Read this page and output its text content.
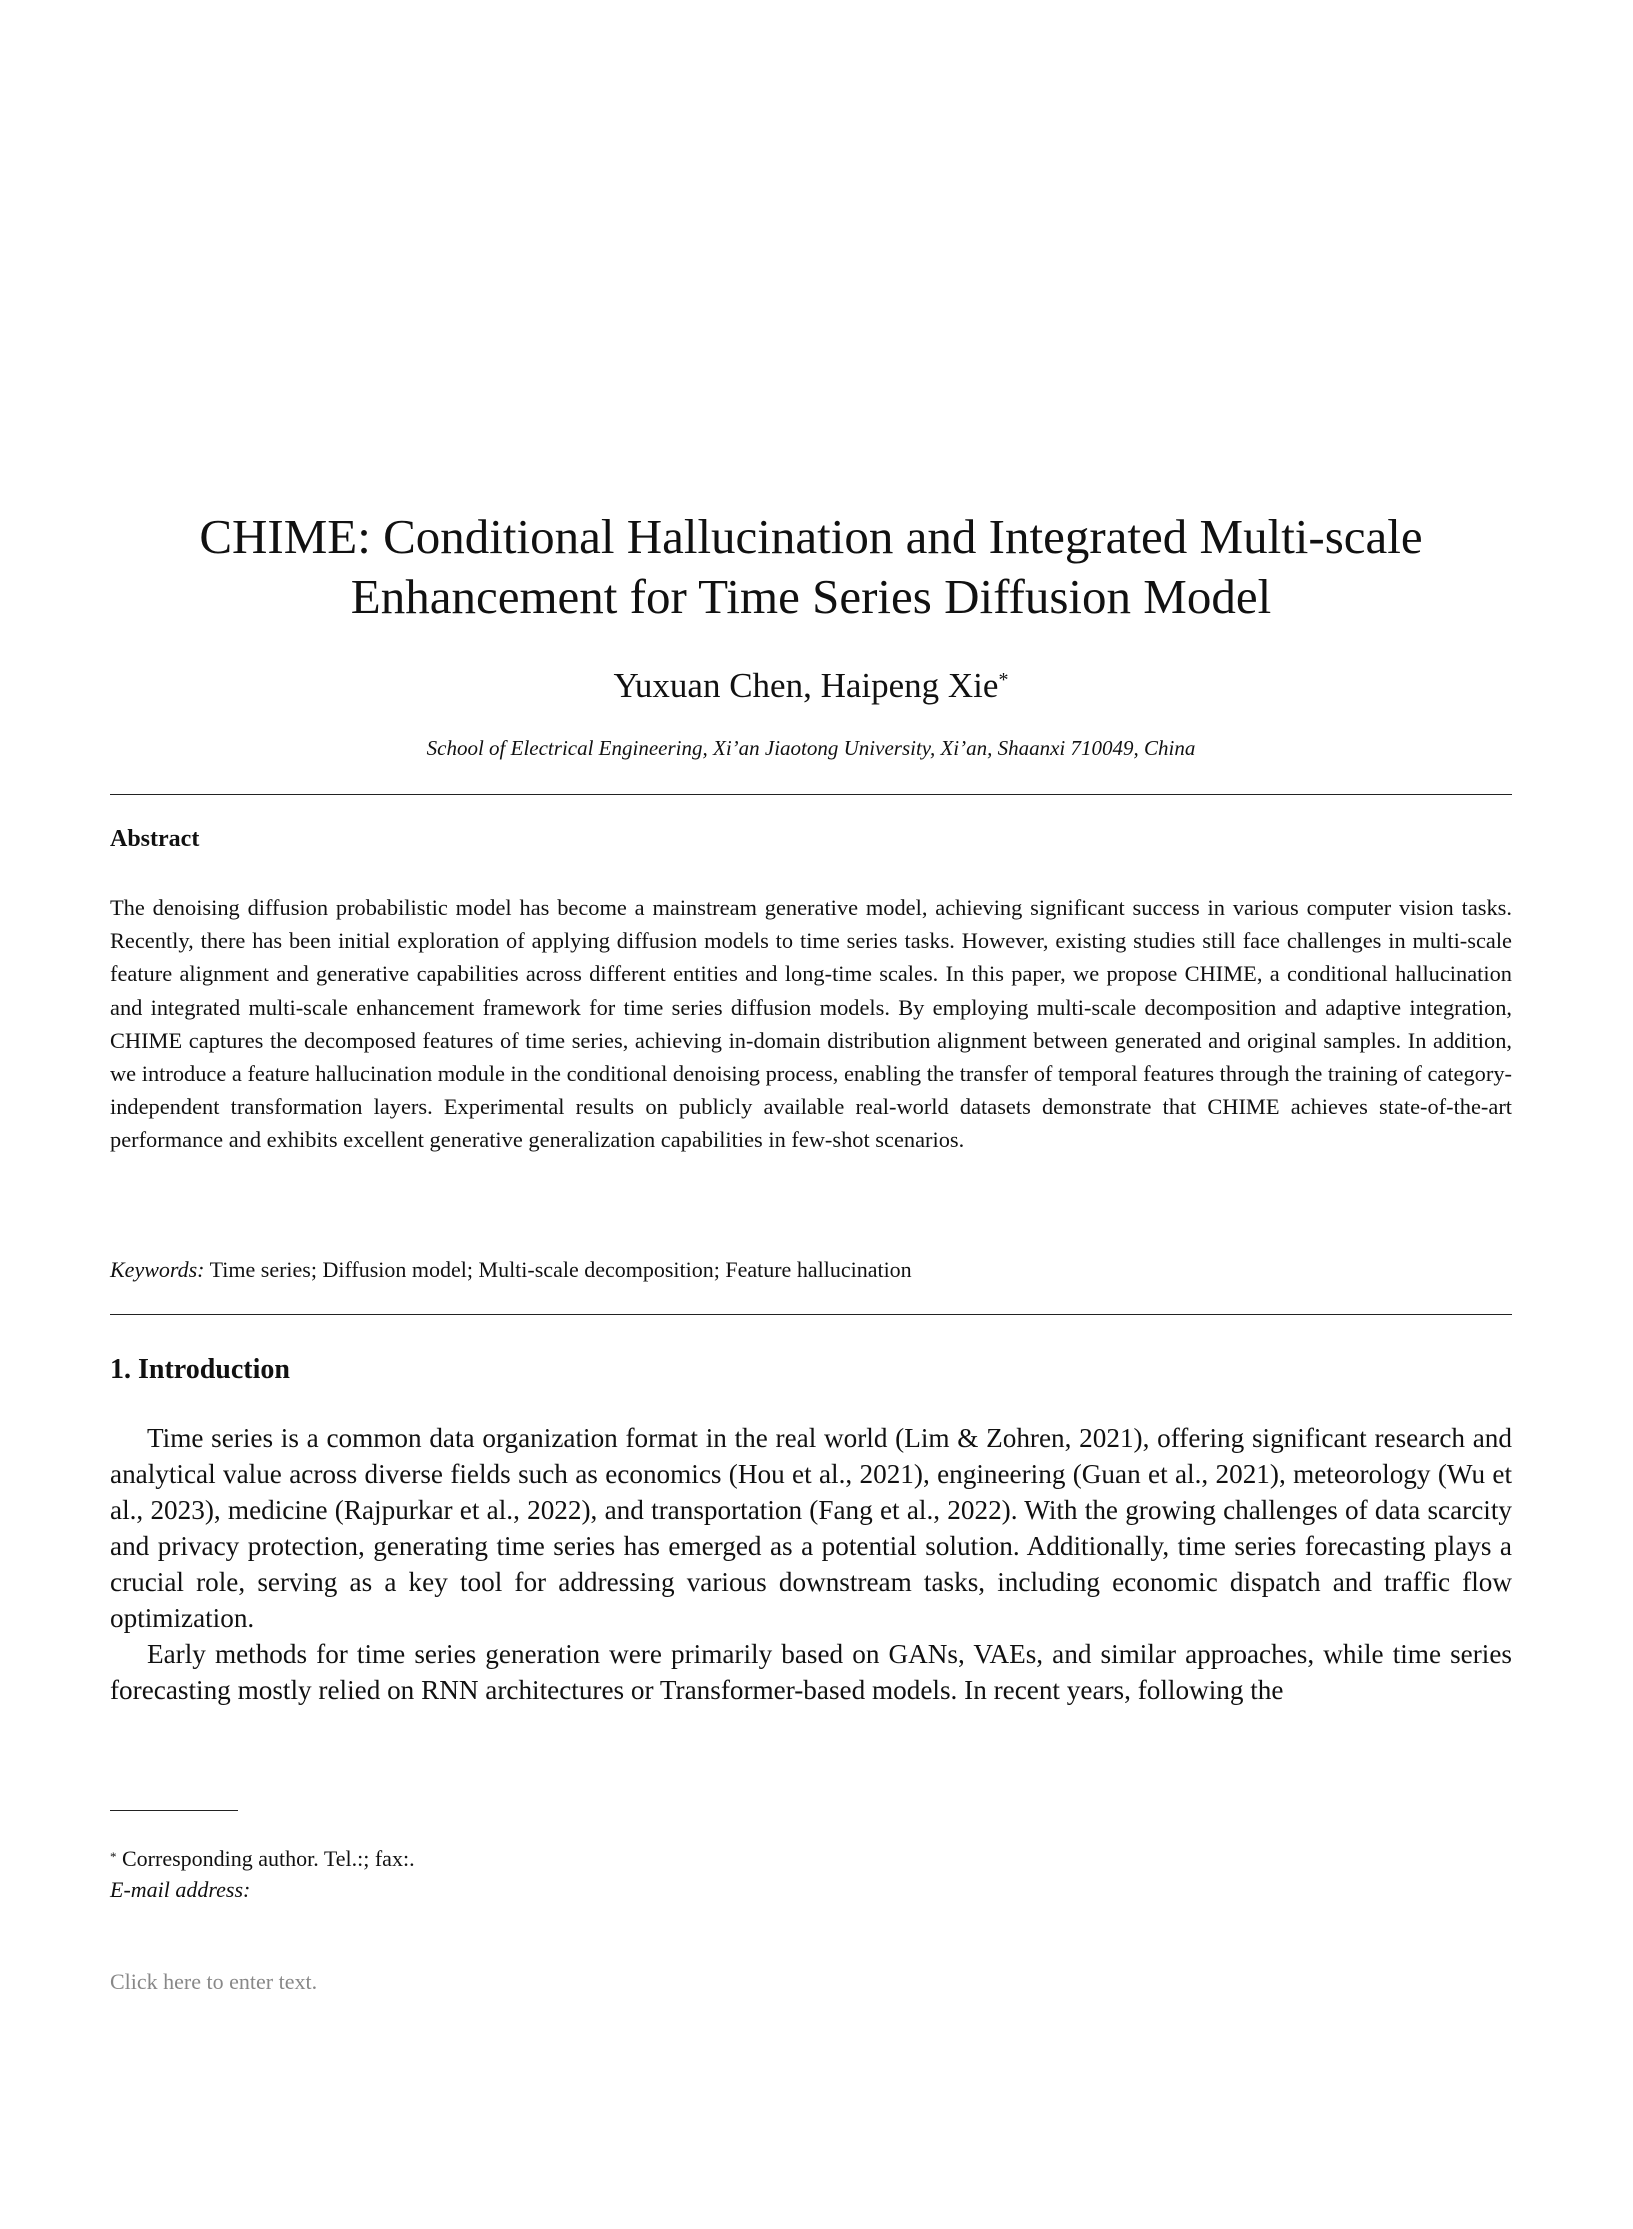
CHIME: Conditional Hallucination and Integrated Multi-scale
Enhancement for Time Series Diffusion Model

Yuxuan Chen, Haipeng Xie*

School of Electrical Engineering, Xi’an Jiaotong University, Xi’an, Shaanxi 710049, China

Abstract

The denoising diffusion probabilistic model has become a mainstream generative model, achieving significant success in various computer vision tasks. Recently, there has been initial exploration of applying diffusion models to time series tasks. However, existing studies still face challenges in multi-scale feature alignment and generative capabilities across different entities and long-time scales. In this paper, we propose CHIME, a conditional hallucination and integrated multi-scale enhancement framework for time series diffusion models. By employing multi-scale decomposition and adaptive integration, CHIME captures the decomposed features of time series, achieving in-domain distribution alignment between generated and original samples. In addition, we introduce a feature hallucination module in the conditional denoising process, enabling the transfer of temporal features through the training of category-independent transformation layers. Experimental results on publicly available real-world datasets demonstrate that CHIME achieves state-of-the-art performance and exhibits excellent generative generalization capabilities in few-shot scenarios.

Keywords: Time series; Diffusion model; Multi-scale decomposition; Feature hallucination

1. Introduction

Time series is a common data organization format in the real world (Lim & Zohren, 2021), offering significant research and analytical value across diverse fields such as economics (Hou et al., 2021), engineering (Guan et al., 2021), meteorology (Wu et al., 2023), medicine (Rajpurkar et al., 2022), and transportation (Fang et al., 2022). With the growing challenges of data scarcity and privacy protection, generating time series has emerged as a potential solution. Additionally, time series forecasting plays a crucial role, serving as a key tool for addressing various downstream tasks, including economic dispatch and traffic flow optimization.

Early methods for time series generation were primarily based on GANs, VAEs, and similar approaches, while time series forecasting mostly relied on RNN architectures or Transformer-based models. In recent years, following the

* Corresponding author. Tel.:; fax:.
E-mail address:

Click here to enter text.
